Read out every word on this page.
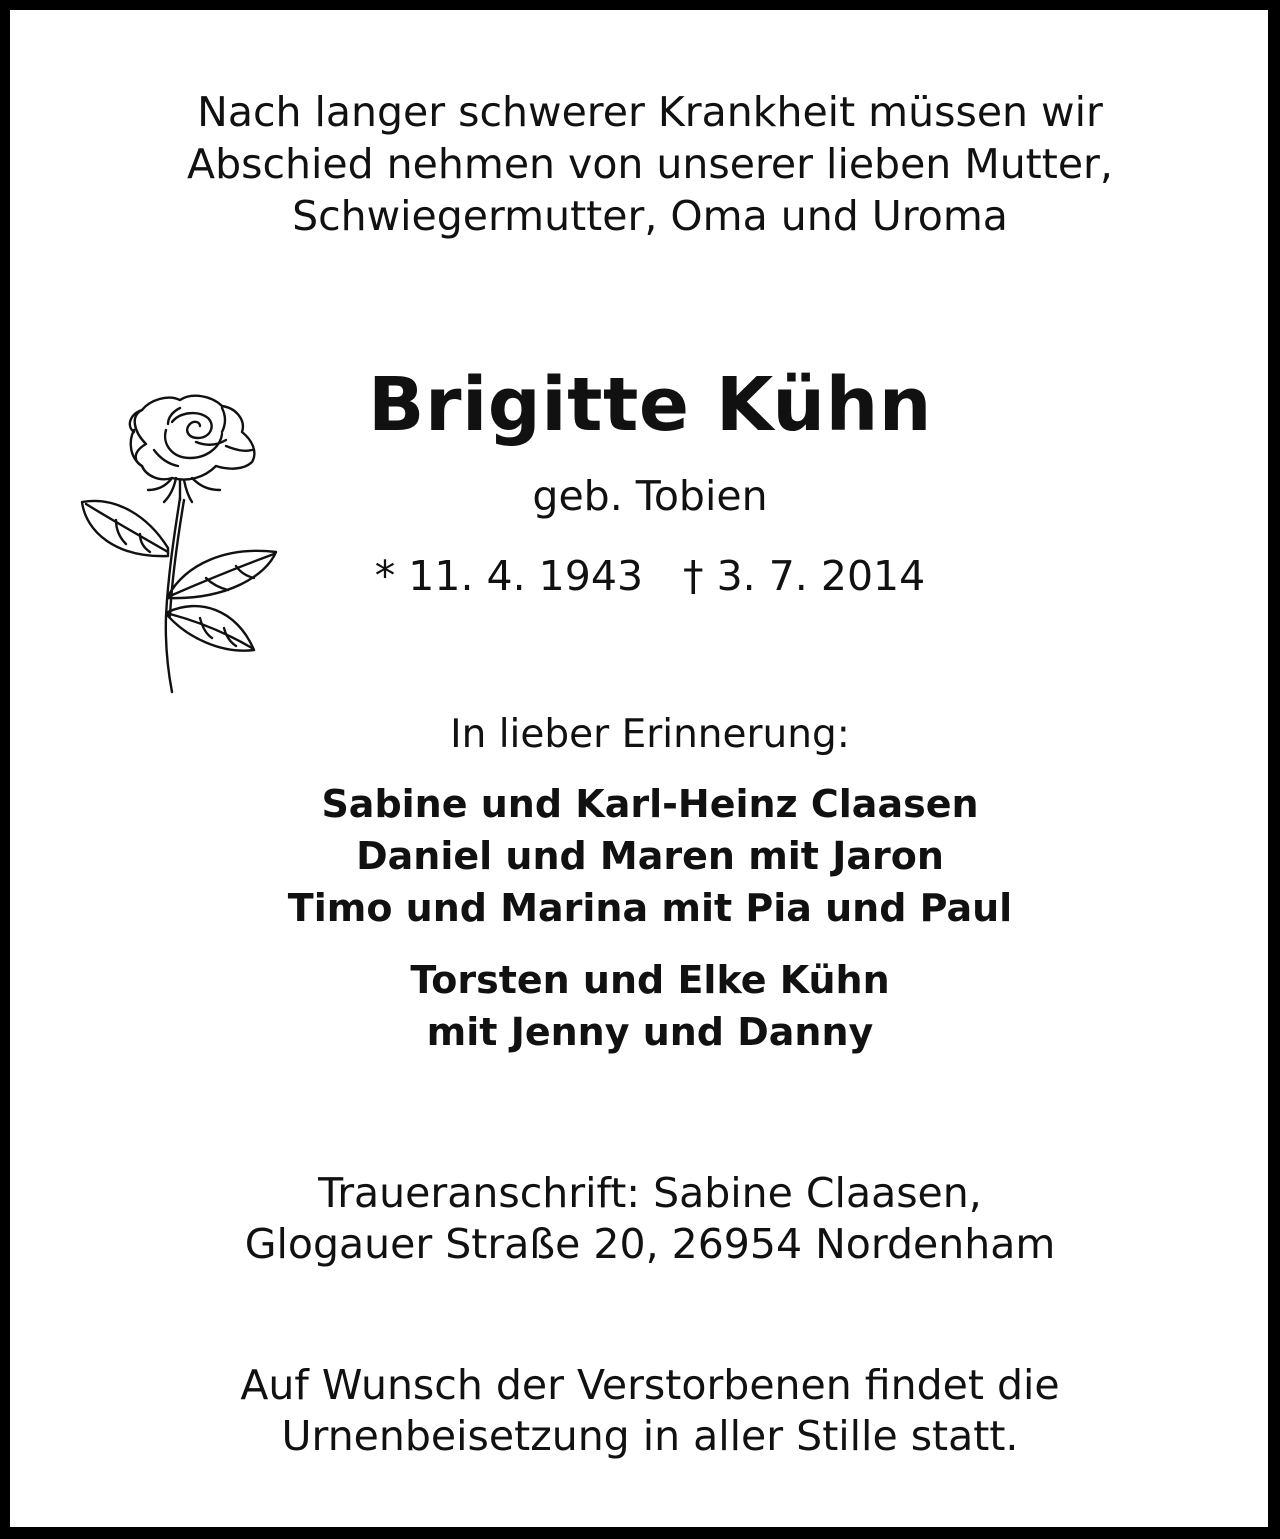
Nach langer schwerer Krankheit müssen wir
Abschied nehmen von unserer lieben Mutter,
Schwiegermutter, Oma und Uroma
Brigitte Kühn
geb. Tobien
* 11. 4. 1943 † 3. 7. 2014
In lieber Erinnerung:
Sabine und Karl-Heinz Claasen
Daniel und Maren mit Jaron
Timo und Marina mit Pia und Paul
Torsten und Elke Kühn
mit Jenny und Danny
Traueranschrift: Sabine Claasen,
Glogauer Straße 20, 26954 Nordenham
Auf Wunsch der Verstorbenen findet die
Urnenbeisetzung in aller Stille statt.
